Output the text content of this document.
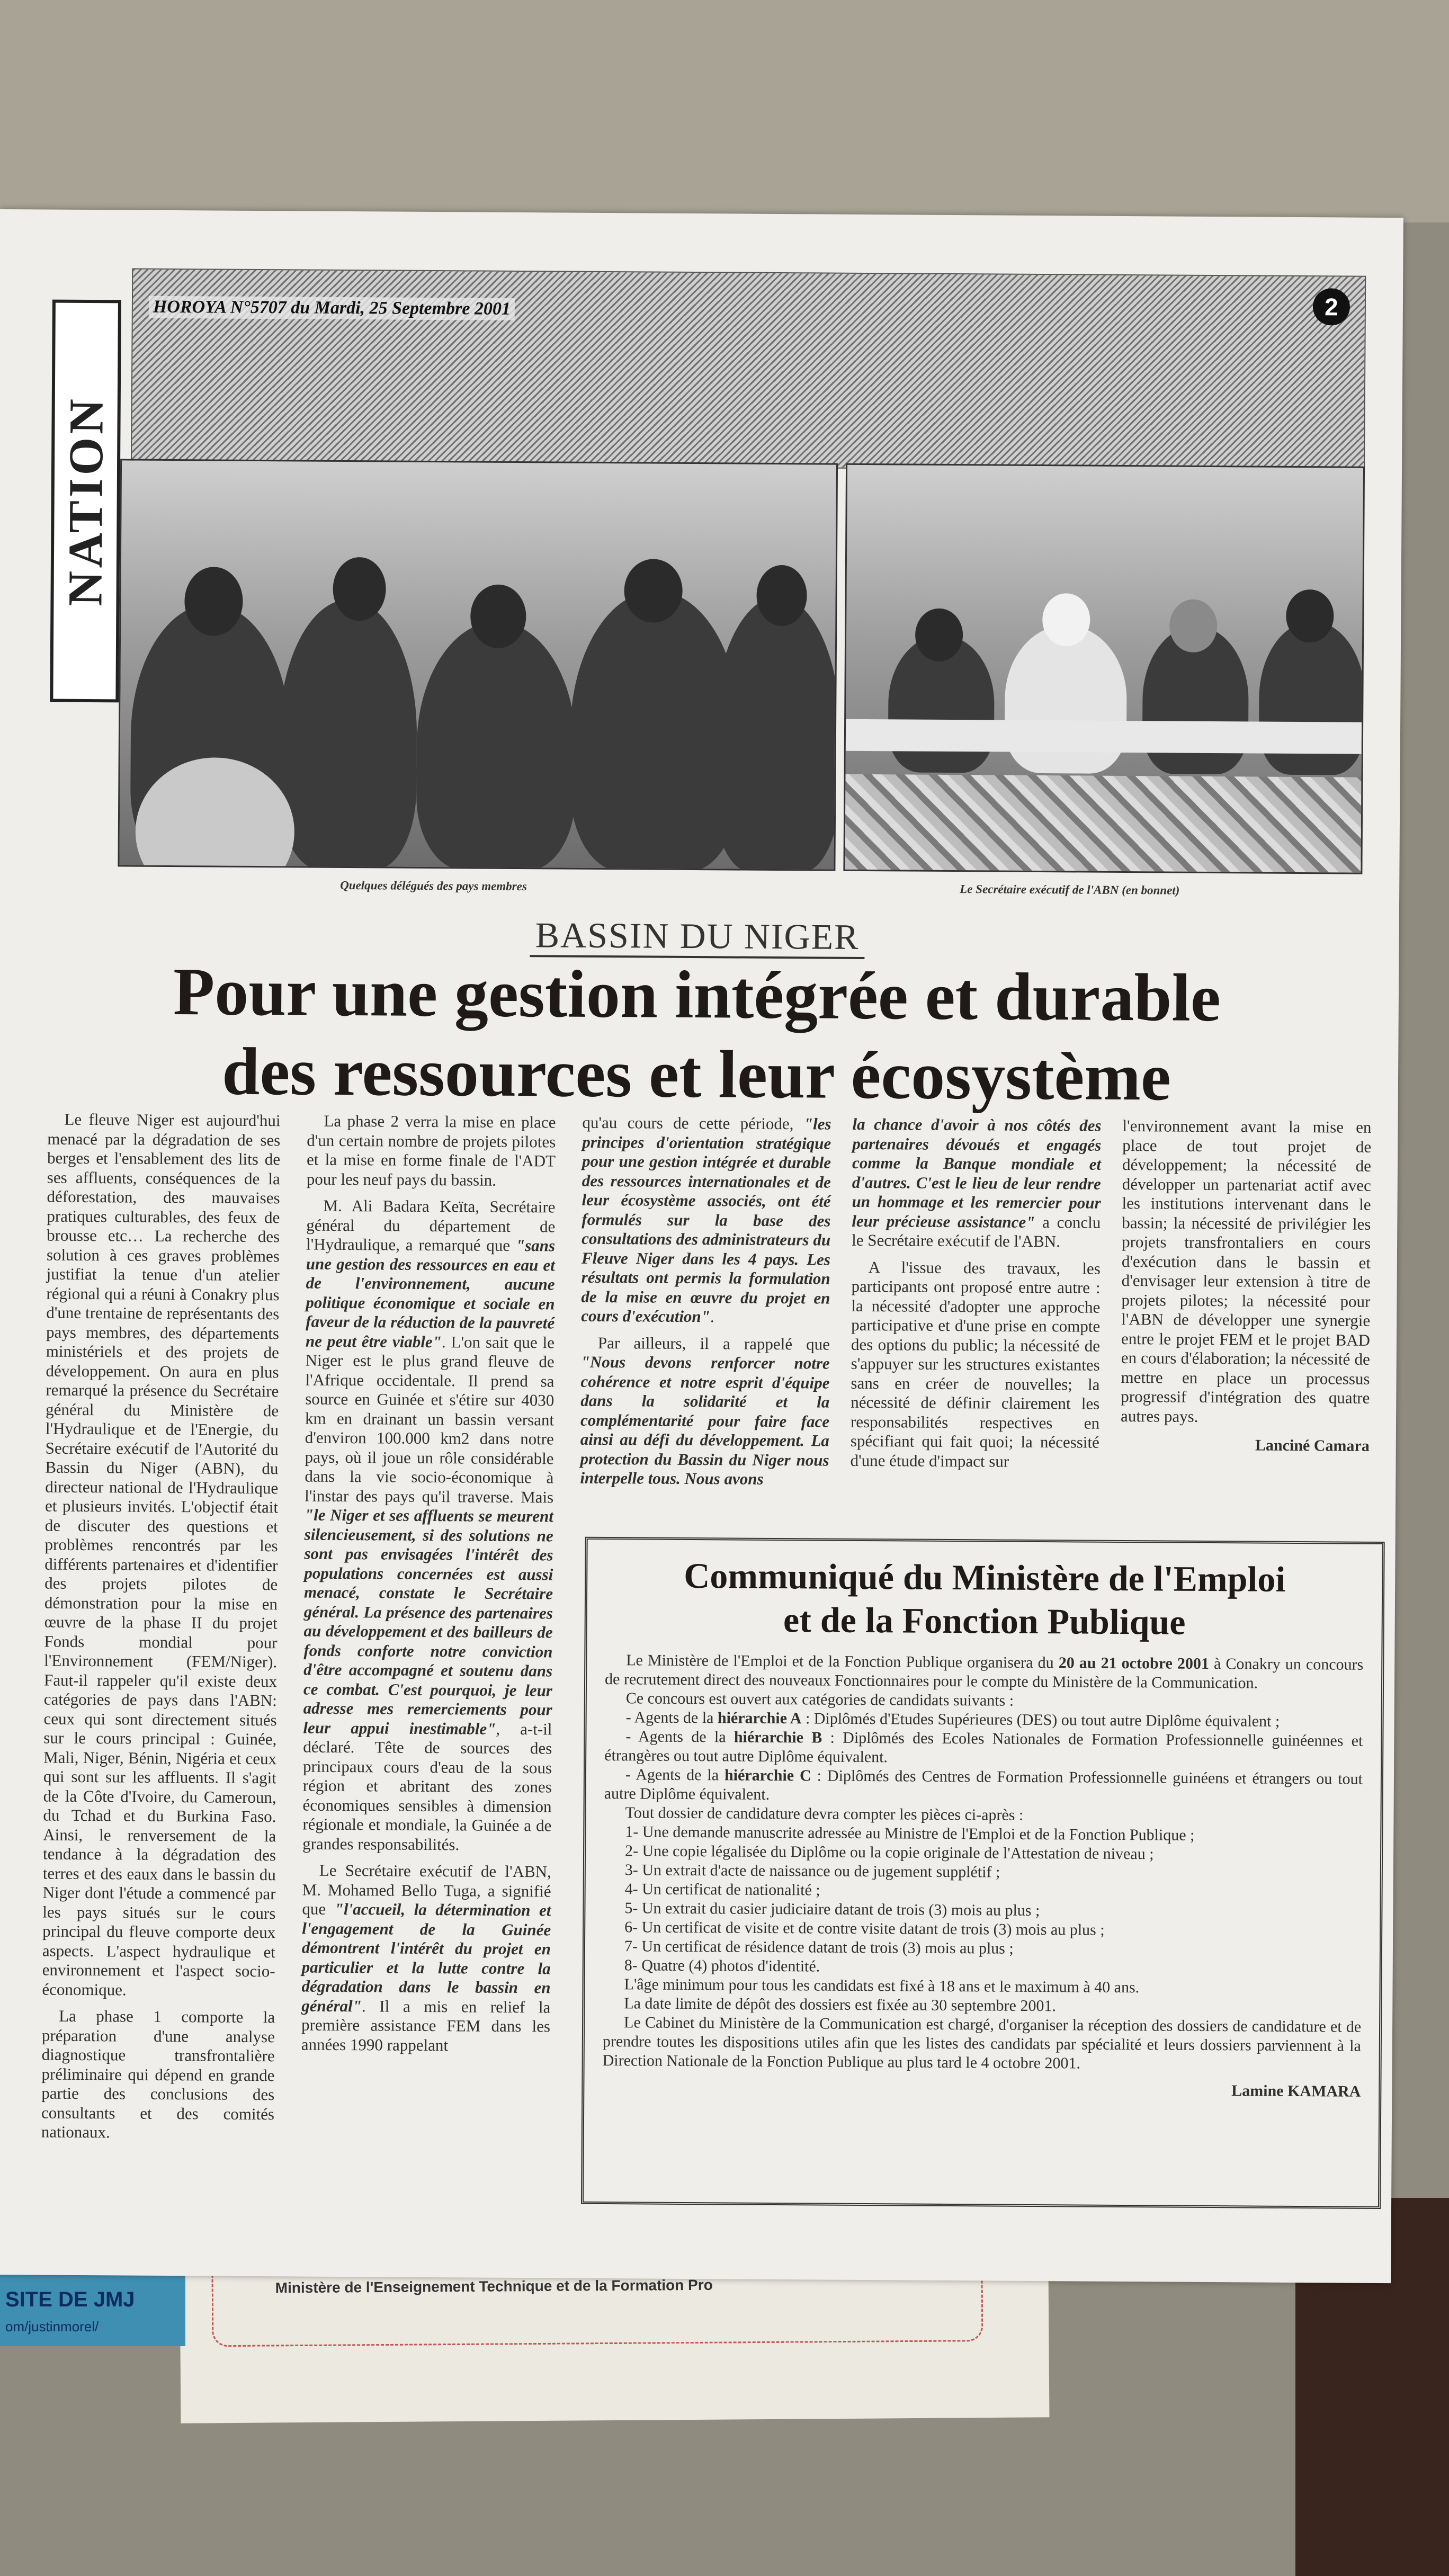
Ministère de l'Enseignement Technique et de la Formation Pro
SITE DE JMJ
om/justinmorel/
NATION
HOROYA N°5707 du Mardi, 25 Septembre 2001	2
Quelques délégués des pays membres	Le Secrétaire exécutif de l'ABN (en bonnet)
BASSIN DU NIGER
Pour une gestion intégrée et durable
des ressources et leur écosystème

Le fleuve Niger est aujourd'hui menacé par la dégradation de ses berges et l'ensablement des lits de ses affluents, conséquences de la déforestation, des mauvaises pratiques culturables, des feux de brousse etc… La recherche des solution à ces graves problèmes justifiat la tenue d'un atelier régional qui a réuni à Conakry plus d'une trentaine de représentants des pays membres, des départements ministériels et des projets de développement. On aura en plus remarqué la présence du Secrétaire général du Ministère de l'Hydraulique et de l'Energie, du Secrétaire exécutif de l'Autorité du Bassin du Niger (ABN), du directeur national de l'Hydraulique et plusieurs invités. L'objectif était de discuter des questions et problèmes rencontrés par les différents partenaires et d'identifier des projets pilotes de démonstration pour la mise en œuvre de la phase II du projet Fonds mondial pour l'Environnement (FEM/Niger). Faut-il rappeler qu'il existe deux catégories de pays dans l'ABN: ceux qui sont directement situés sur le cours principal : Guinée, Mali, Niger, Bénin, Nigéria et ceux qui sont sur les affluents. Il s'agit de la Côte d'Ivoire, du Cameroun, du Tchad et du Burkina Faso. Ainsi, le renversement de la tendance à la dégradation des terres et des eaux dans le bassin du Niger dont l'étude a commencé par les pays situés sur le cours principal du fleuve comporte deux aspects. L'aspect hydraulique et environnement et l'aspect socio-économique.

La phase 1 comporte la préparation d'une analyse diagnostique transfrontalière préliminaire qui dépend en grande partie des conclusions des consultants et des comités nationaux.

La phase 2 verra la mise en place d'un certain nombre de projets pilotes et la mise en forme finale de l'ADT pour les neuf pays du bassin.

M. Ali Badara Keïta, Secrétaire général du département de l'Hydraulique, a remarqué que "sans une gestion des ressources en eau et de l'environnement, aucune politique économique et sociale en faveur de la réduction de la pauvreté ne peut être viable". L'on sait que le Niger est le plus grand fleuve de l'Afrique occidentale. Il prend sa source en Guinée et s'étire sur 4030 km en drainant un bassin versant d'environ 100.000 km2 dans notre pays, où il joue un rôle considérable dans la vie socio-économique à l'instar des pays qu'il traverse. Mais "le Niger et ses affluents se meurent silencieusement, si des solutions ne sont pas envisagées l'intérêt des populations concernées est aussi menacé, constate le Secrétaire général. La présence des partenaires au développement et des bailleurs de fonds conforte notre conviction d'être accompagné et soutenu dans ce combat. C'est pourquoi, je leur adresse mes remerciements pour leur appui inestimable", a-t-il déclaré. Tête de sources des principaux cours d'eau de la sous région et abritant des zones économiques sensibles à dimension régionale et mondiale, la Guinée a de grandes responsabilités.

Le Secrétaire exécutif de l'ABN, M. Mohamed Bello Tuga, a signifié que "l'accueil, la détermination et l'engagement de la Guinée démontrent l'intérêt du projet en particulier et la lutte contre la dégradation dans le bassin en général". Il a mis en relief la première assistance FEM dans les années 1990 rappelant

qu'au cours de cette période, "les principes d'orientation stratégique pour une gestion intégrée et durable des ressources internationales et de leur écosystème associés, ont été formulés sur la base des consultations des administrateurs du Fleuve Niger dans les 4 pays. Les résultats ont permis la formulation de la mise en œuvre du projet en cours d'exécution".

Par ailleurs, il a rappelé que "Nous devons renforcer notre cohérence et notre esprit d'équipe dans la solidarité et la complémentarité pour faire face ainsi au défi du développement. La protection du Bassin du Niger nous interpelle tous. Nous avons

la chance d'avoir à nos côtés des partenaires dévoués et engagés comme la Banque mondiale et d'autres. C'est le lieu de leur rendre un hommage et les remercier pour leur précieuse assistance" a conclu le Secrétaire exécutif de l'ABN.

A l'issue des travaux, les participants ont proposé entre autre : la nécessité d'adopter une approche participative et d'une prise en compte des options du public; la nécessité de s'appuyer sur les structures existantes sans en créer de nouvelles; la nécessité de définir clairement les responsabilités respectives en spécifiant qui fait quoi; la nécessité d'une étude d'impact sur

l'environnement avant la mise en place de tout projet de développement; la nécessité de développer un partenariat actif avec les institutions intervenant dans le bassin; la nécessité de privilégier les projets transfrontaliers en cours d'exécution dans le bassin et d'envisager leur extension à titre de projets pilotes; la nécessité pour l'ABN de développer une synergie entre le projet FEM et le projet BAD en cours d'élaboration; la nécessité de mettre en place un processus progressif d'intégration des quatre autres pays.

Lanciné Camara
Communiqué du Ministère de l'Emploi
et de la Fonction Publique

Le Ministère de l'Emploi et de la Fonction Publique organisera du 20 au 21 octobre 2001 à Conakry un concours de recrutement direct des nouveaux Fonctionnaires pour le compte du Ministère de la Communication.

Ce concours est ouvert aux catégories de candidats suivants :

- Agents de la hiérarchie A : Diplômés d'Etudes Supérieures (DES) ou tout autre Diplôme équivalent ;

- Agents de la hiérarchie B : Diplômés des Ecoles Nationales de Formation Professionnelle guinéennes et étrangères ou tout autre Diplôme équivalent.

- Agents de la hiérarchie C : Diplômés des Centres de Formation Professionnelle guinéens et étrangers ou tout autre Diplôme équivalent.

Tout dossier de candidature devra compter les pièces ci-après :

1- Une demande manuscrite adressée au Ministre de l'Emploi et de la Fonction Publique ;

2- Une copie légalisée du Diplôme ou la copie originale de l'Attestation de niveau ;

3- Un extrait d'acte de naissance ou de jugement supplétif ;

4- Un certificat de nationalité ;

5- Un extrait du casier judiciaire datant de trois (3) mois au plus ;

6- Un certificat de visite et de contre visite datant de trois (3) mois au plus ;

7- Un certificat de résidence datant de trois (3) mois au plus ;

8- Quatre (4) photos d'identité.

L'âge minimum pour tous les candidats est fixé à 18 ans et le maximum à 40 ans.

La date limite de dépôt des dossiers est fixée au 30 septembre 2001.

Le Cabinet du Ministère de la Communication est chargé, d'organiser la réception des dossiers de candidature et de prendre toutes les dispositions utiles afin que les listes des candidats par spécialité et leurs dossiers parviennent à la Direction Nationale de la Fonction Publique au plus tard le 4 octobre 2001.

Lamine KAMARA
